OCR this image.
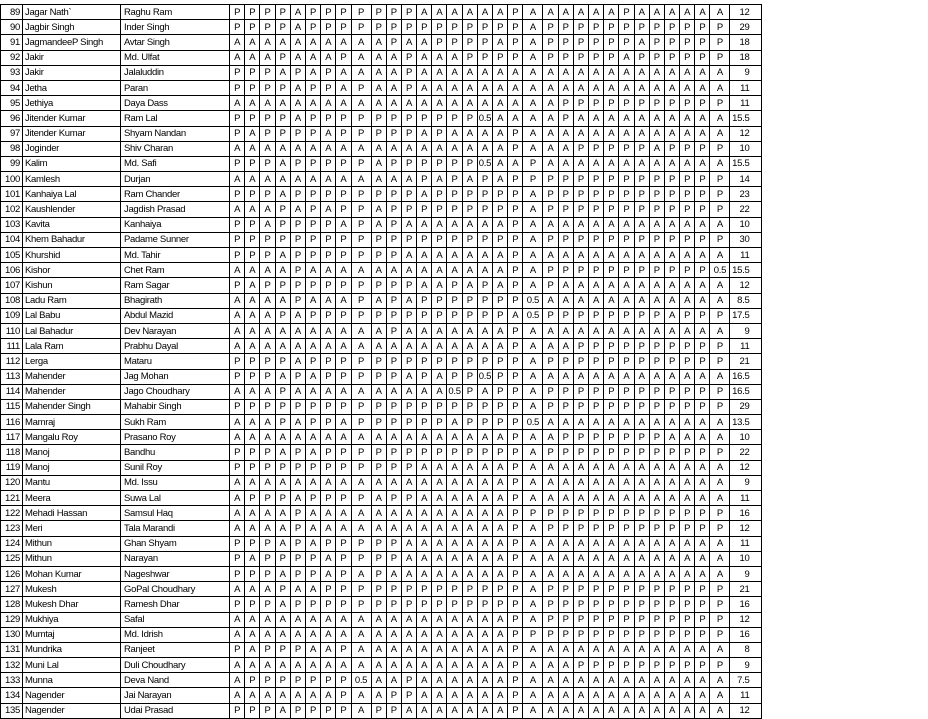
89	Jagar Nath`	Raghu Ram	P	P	P	P	A	P	P	P	P	P	P	P	A	A	A	A	A	A	P	A	A	A	A	A	A	P	A	A	A	A	A	A	12
90	Jagbir Singh	Inder Singh	P	P	P	P	A	P	P	P	P	P	P	P	P	P	P	P	P	P	P	A	P	P	P	P	P	P	P	P	P	P	P	P	29
91	JagmandeeP Singh	Avtar Singh	A	A	A	A	A	A	A	A	A	A	P	A	A	P	P	P	P	A	P	A	P	P	P	P	P	P	A	P	P	P	P	P	18
92	Jakir	Md. Ulfat	A	A	A	P	A	A	A	P	A	A	A	P	A	A	A	P	P	P	P	A	P	P	P	P	P	A	P	P	P	P	P	P	18
93	Jakir	Jalaluddin	P	P	P	A	P	A	P	A	A	A	A	P	A	A	A	A	A	A	A	A	A	A	A	A	A	A	A	A	A	A	A	A	9
94	Jetha	Paran	P	P	P	P	A	P	P	A	P	A	A	P	A	A	A	A	A	A	A	A	A	A	A	A	A	A	A	A	A	A	A	A	11
95	Jethiya	Daya Dass	A	A	A	A	A	A	A	A	A	A	A	A	A	A	A	A	A	A	A	A	A	P	P	P	P	P	P	P	P	P	P	P	11
96	Jitender Kumar	Ram Lal	P	P	P	P	A	P	P	P	P	P	P	P	P	P	P	P	0.5	A	A	A	A	P	A	A	A	A	A	A	A	A	A	A	15.5
97	Jitender Kumar	Shyam Nandan	P	A	P	P	P	P	A	P	P	P	P	P	A	P	A	A	A	A	P	A	A	A	A	A	A	A	A	A	A	A	A	A	12
98	Joginder	Shiv Charan	A	A	A	A	A	A	A	A	A	A	A	A	A	A	A	A	A	A	P	A	A	A	P	P	P	P	P	A	P	P	P	P	10
99	Kalim	Md. Safi	P	P	P	A	P	P	P	P	P	A	P	P	P	P	P	P	0.5	A	A	P	A	A	A	A	A	A	A	A	A	A	A	A	15.5
100	Kamlesh	Durjan	A	A	A	A	A	A	A	A	A	A	A	A	P	A	P	A	P	A	P	P	P	P	P	P	P	P	P	P	P	P	P	P	14
101	Kanhaiya Lal	Ram Chander	P	P	P	A	P	P	P	P	P	P	P	P	A	P	P	P	P	P	P	A	P	P	P	P	P	P	P	P	P	P	P	P	23
102	Kaushlender	Jagdish Prasad	A	A	A	P	A	P	A	P	P	A	P	P	P	P	P	P	P	P	P	A	P	P	P	P	P	P	P	P	P	P	P	P	22
103	Kavita	Kanhaiya	P	P	A	P	P	P	P	A	P	A	P	A	A	A	A	A	A	A	P	A	A	A	A	A	A	A	A	A	A	A	A	A	10
104	Khem Bahadur	Padame Sunner	P	P	P	P	P	P	P	P	P	P	P	P	P	P	P	P	P	P	P	A	P	P	P	P	P	P	P	P	P	P	P	P	30
105	Khurshid	Md. Tahir	P	P	P	A	P	P	P	P	P	P	P	A	A	A	A	A	A	A	P	A	A	A	A	A	A	A	A	A	A	A	A	A	11
106	Kishor	Chet Ram	A	A	A	A	P	A	A	A	A	A	A	A	A	A	A	A	A	A	P	A	P	P	P	P	P	P	P	P	P	P	P	0.5	15.5
107	Kishun	Ram Sagar	P	A	P	P	P	P	P	P	P	P	P	P	A	A	P	A	P	A	P	A	P	A	A	A	A	A	A	A	A	A	A	A	12
108	Ladu Ram	Bhagirath	A	A	A	A	P	A	A	A	P	A	P	A	P	P	P	P	P	P	P	0.5	A	A	A	A	A	A	A	A	A	A	A	A	8.5
109	Lal Babu	Abdul Mazid	A	A	A	P	A	P	P	P	P	P	P	P	P	P	P	P	P	P	A	0.5	P	P	P	P	P	P	P	P	A	P	P	P	17.5
110	Lal Bahadur	Dev Narayan	A	A	A	A	A	A	A	A	A	A	P	A	A	A	A	A	A	A	P	A	A	A	A	A	A	A	A	A	A	A	A	A	9
111	Lala Ram	Prabhu Dayal	A	A	A	A	A	A	A	A	A	A	A	A	A	A	A	A	A	A	P	A	A	A	P	P	P	P	P	P	P	P	P	P	11
112	Lerga	Mataru	P	P	P	P	A	P	P	P	P	P	P	P	P	P	P	P	P	P	P	A	P	P	P	P	P	P	P	P	P	P	P	P	21
113	Mahender	Jag Mohan	P	P	P	A	P	A	P	P	P	P	P	A	P	A	P	P	0.5	P	P	A	A	A	A	A	A	A	A	A	A	A	A	A	16.5
114	Mahender	Jago Choudhary	A	A	A	P	A	A	A	A	A	A	A	A	A	A	0.5	P	A	P	P	A	P	P	P	P	P	P	P	P	P	P	P	P	16.5
115	Mahender Singh	Mahabir Singh	P	P	P	P	P	P	P	P	P	P	P	P	P	P	P	P	P	P	P	A	P	P	P	P	P	P	P	P	P	P	P	P	29
116	Mamraj	Sukh Ram	A	A	A	P	A	P	P	A	P	P	P	P	P	P	A	P	P	P	P	0.5	A	A	A	A	A	A	A	A	A	A	A	A	13.5
117	Mangalu Roy	Prasano Roy	A	A	A	A	A	A	A	A	A	A	A	A	A	A	A	A	A	A	P	A	A	P	P	P	P	P	P	P	A	A	A	A	10
118	Manoj	Bandhu	P	P	P	A	P	A	P	P	P	P	P	P	P	P	P	P	P	P	P	A	P	P	P	P	P	P	P	P	P	P	P	P	22
119	Manoj	Sunil Roy	P	P	P	P	P	P	P	P	P	P	P	P	A	A	A	A	A	A	P	A	A	A	A	A	A	A	A	A	A	A	A	A	12
120	Mantu	Md. Issu	A	A	A	A	A	A	A	A	A	A	A	A	A	A	A	A	A	A	P	A	A	A	A	A	A	A	A	A	A	A	A	A	9
121	Meera	Suwa Lal	A	P	P	P	A	P	P	P	P	A	P	P	A	A	A	A	A	A	P	A	A	A	A	A	A	A	A	A	A	A	A	A	11
122	Mehadi Hassan	Samsul Haq	A	A	A	A	P	A	A	A	A	A	A	A	A	A	A	A	A	A	P	P	P	P	P	P	P	P	P	P	P	P	P	P	16
123	Meri	Tala Marandi	A	A	A	A	P	A	A	A	A	A	A	A	A	A	A	A	A	A	P	A	P	P	P	P	P	P	P	P	P	P	P	P	12
124	Mithun	Ghan Shyam	P	P	P	A	P	A	P	P	P	P	P	A	A	A	A	A	A	A	P	A	A	A	A	A	A	A	A	A	A	A	A	A	11
125	Mithun	Narayan	P	A	P	P	P	P	A	P	P	P	P	A	A	A	A	A	A	A	P	A	A	A	A	A	A	A	A	A	A	A	A	A	10
126	Mohan Kumar	Nageshwar	P	P	P	A	P	P	A	P	A	P	A	A	A	A	A	A	A	A	P	A	A	A	A	A	A	A	A	A	A	A	A	A	9
127	Mukesh	GoPal Choudhary	A	A	A	P	A	A	P	P	P	P	P	P	P	P	P	P	P	P	P	A	P	P	P	P	P	P	P	P	P	P	P	P	21
128	Mukesh Dhar	Ramesh Dhar	P	P	P	A	P	P	P	P	P	P	P	P	P	P	P	P	P	P	P	A	P	P	P	P	P	P	P	P	P	P	P	P	16
129	Mukhiya	Safal	A	A	A	A	A	A	A	A	A	A	A	A	A	A	A	A	A	A	P	A	P	P	P	P	P	P	P	P	P	P	P	P	12
130	Mumtaj	Md. Idrish	A	A	A	A	A	A	A	A	A	A	A	A	A	A	A	A	A	A	P	P	P	P	P	P	P	P	P	P	P	P	P	P	16
131	Mundrika	Ranjeet	P	A	P	P	P	A	A	P	A	A	A	A	A	A	A	A	A	A	P	A	A	A	A	A	A	A	A	A	A	A	A	A	8
132	Muni Lal	Duli Choudhary	A	A	A	A	A	A	A	A	A	A	A	A	A	A	A	A	A	A	P	A	A	A	P	P	P	P	P	P	P	P	P	P	9
133	Munna	Deva Nand	A	P	P	P	P	P	P	P	0.5	A	A	P	A	A	A	A	A	A	P	A	A	A	A	A	A	A	A	A	A	A	A	A	7.5
134	Nagender	Jai Narayan	A	A	A	A	A	A	A	P	A	A	P	P	A	A	A	A	A	A	P	A	A	A	A	A	A	A	A	A	A	A	A	A	11
135	Nagender	Udai Prasad	P	P	P	A	P	P	P	P	A	P	P	A	A	A	A	A	A	A	P	A	A	A	A	A	A	A	A	A	A	A	A	A	12
